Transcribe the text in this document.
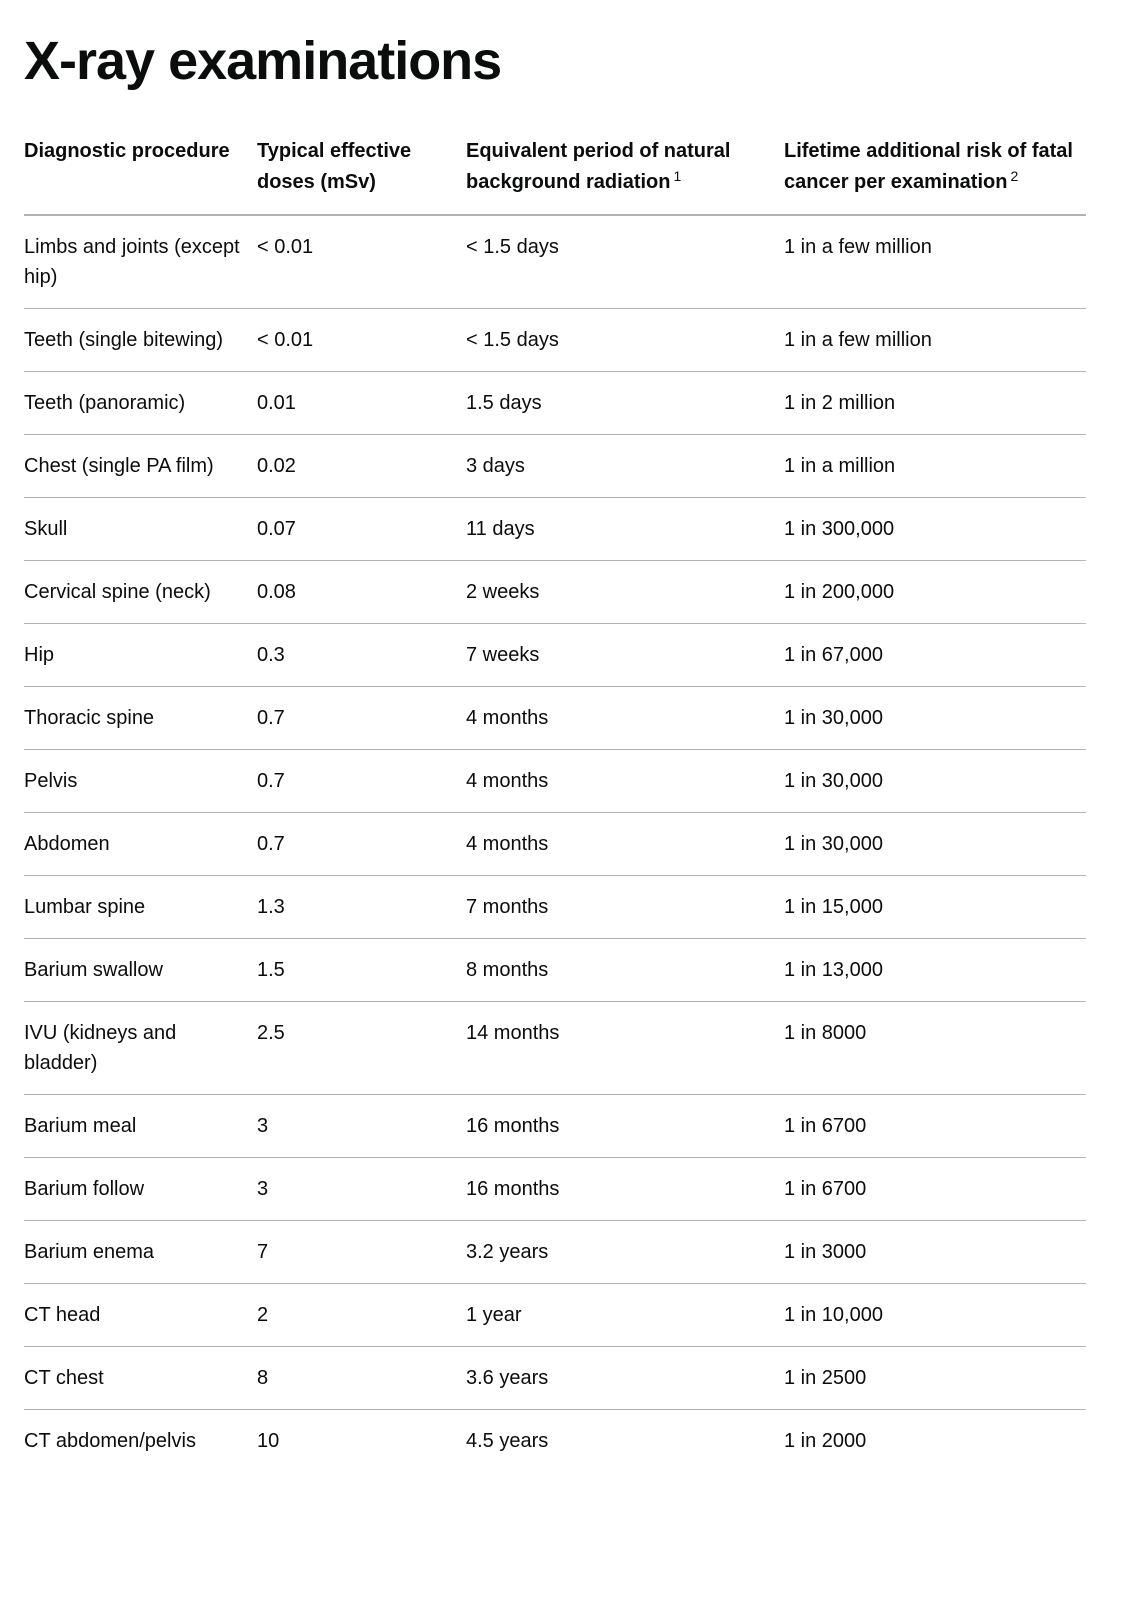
X-ray examinations
Diagnostic procedure	Typical effective doses (mSv)	Equivalent period of natural background radiation $^1$	Lifetime additional risk of fatal cancer per examination $^2$
Limbs and joints (except hip)	< 0.01	< 1.5 days	1 in a few million
Teeth (single bitewing)	< 0.01	< 1.5 days	1 in a few million
Teeth (panoramic)	0.01	1.5 days	1 in 2 million
Chest (single PA film)	0.02	3 days	1 in a million
Skull	0.07	11 days	1 in 300,000
Cervical spine (neck)	0.08	2 weeks	1 in 200,000
Hip	0.3	7 weeks	1 in 67,000
Thoracic spine	0.7	4 months	1 in 30,000
Pelvis	0.7	4 months	1 in 30,000
Abdomen	0.7	4 months	1 in 30,000
Lumbar spine	1.3	7 months	1 in 15,000
Barium swallow	1.5	8 months	1 in 13,000
IVU (kidneys and bladder)	2.5	14 months	1 in 8000
Barium meal	3	16 months	1 in 6700
Barium follow	3	16 months	1 in 6700
Barium enema	7	3.2 years	1 in 3000
CT head	2	1 year	1 in 10,000
CT chest	8	3.6 years	1 in 2500
CT abdomen/pelvis	10	4.5 years	1 in 2000
